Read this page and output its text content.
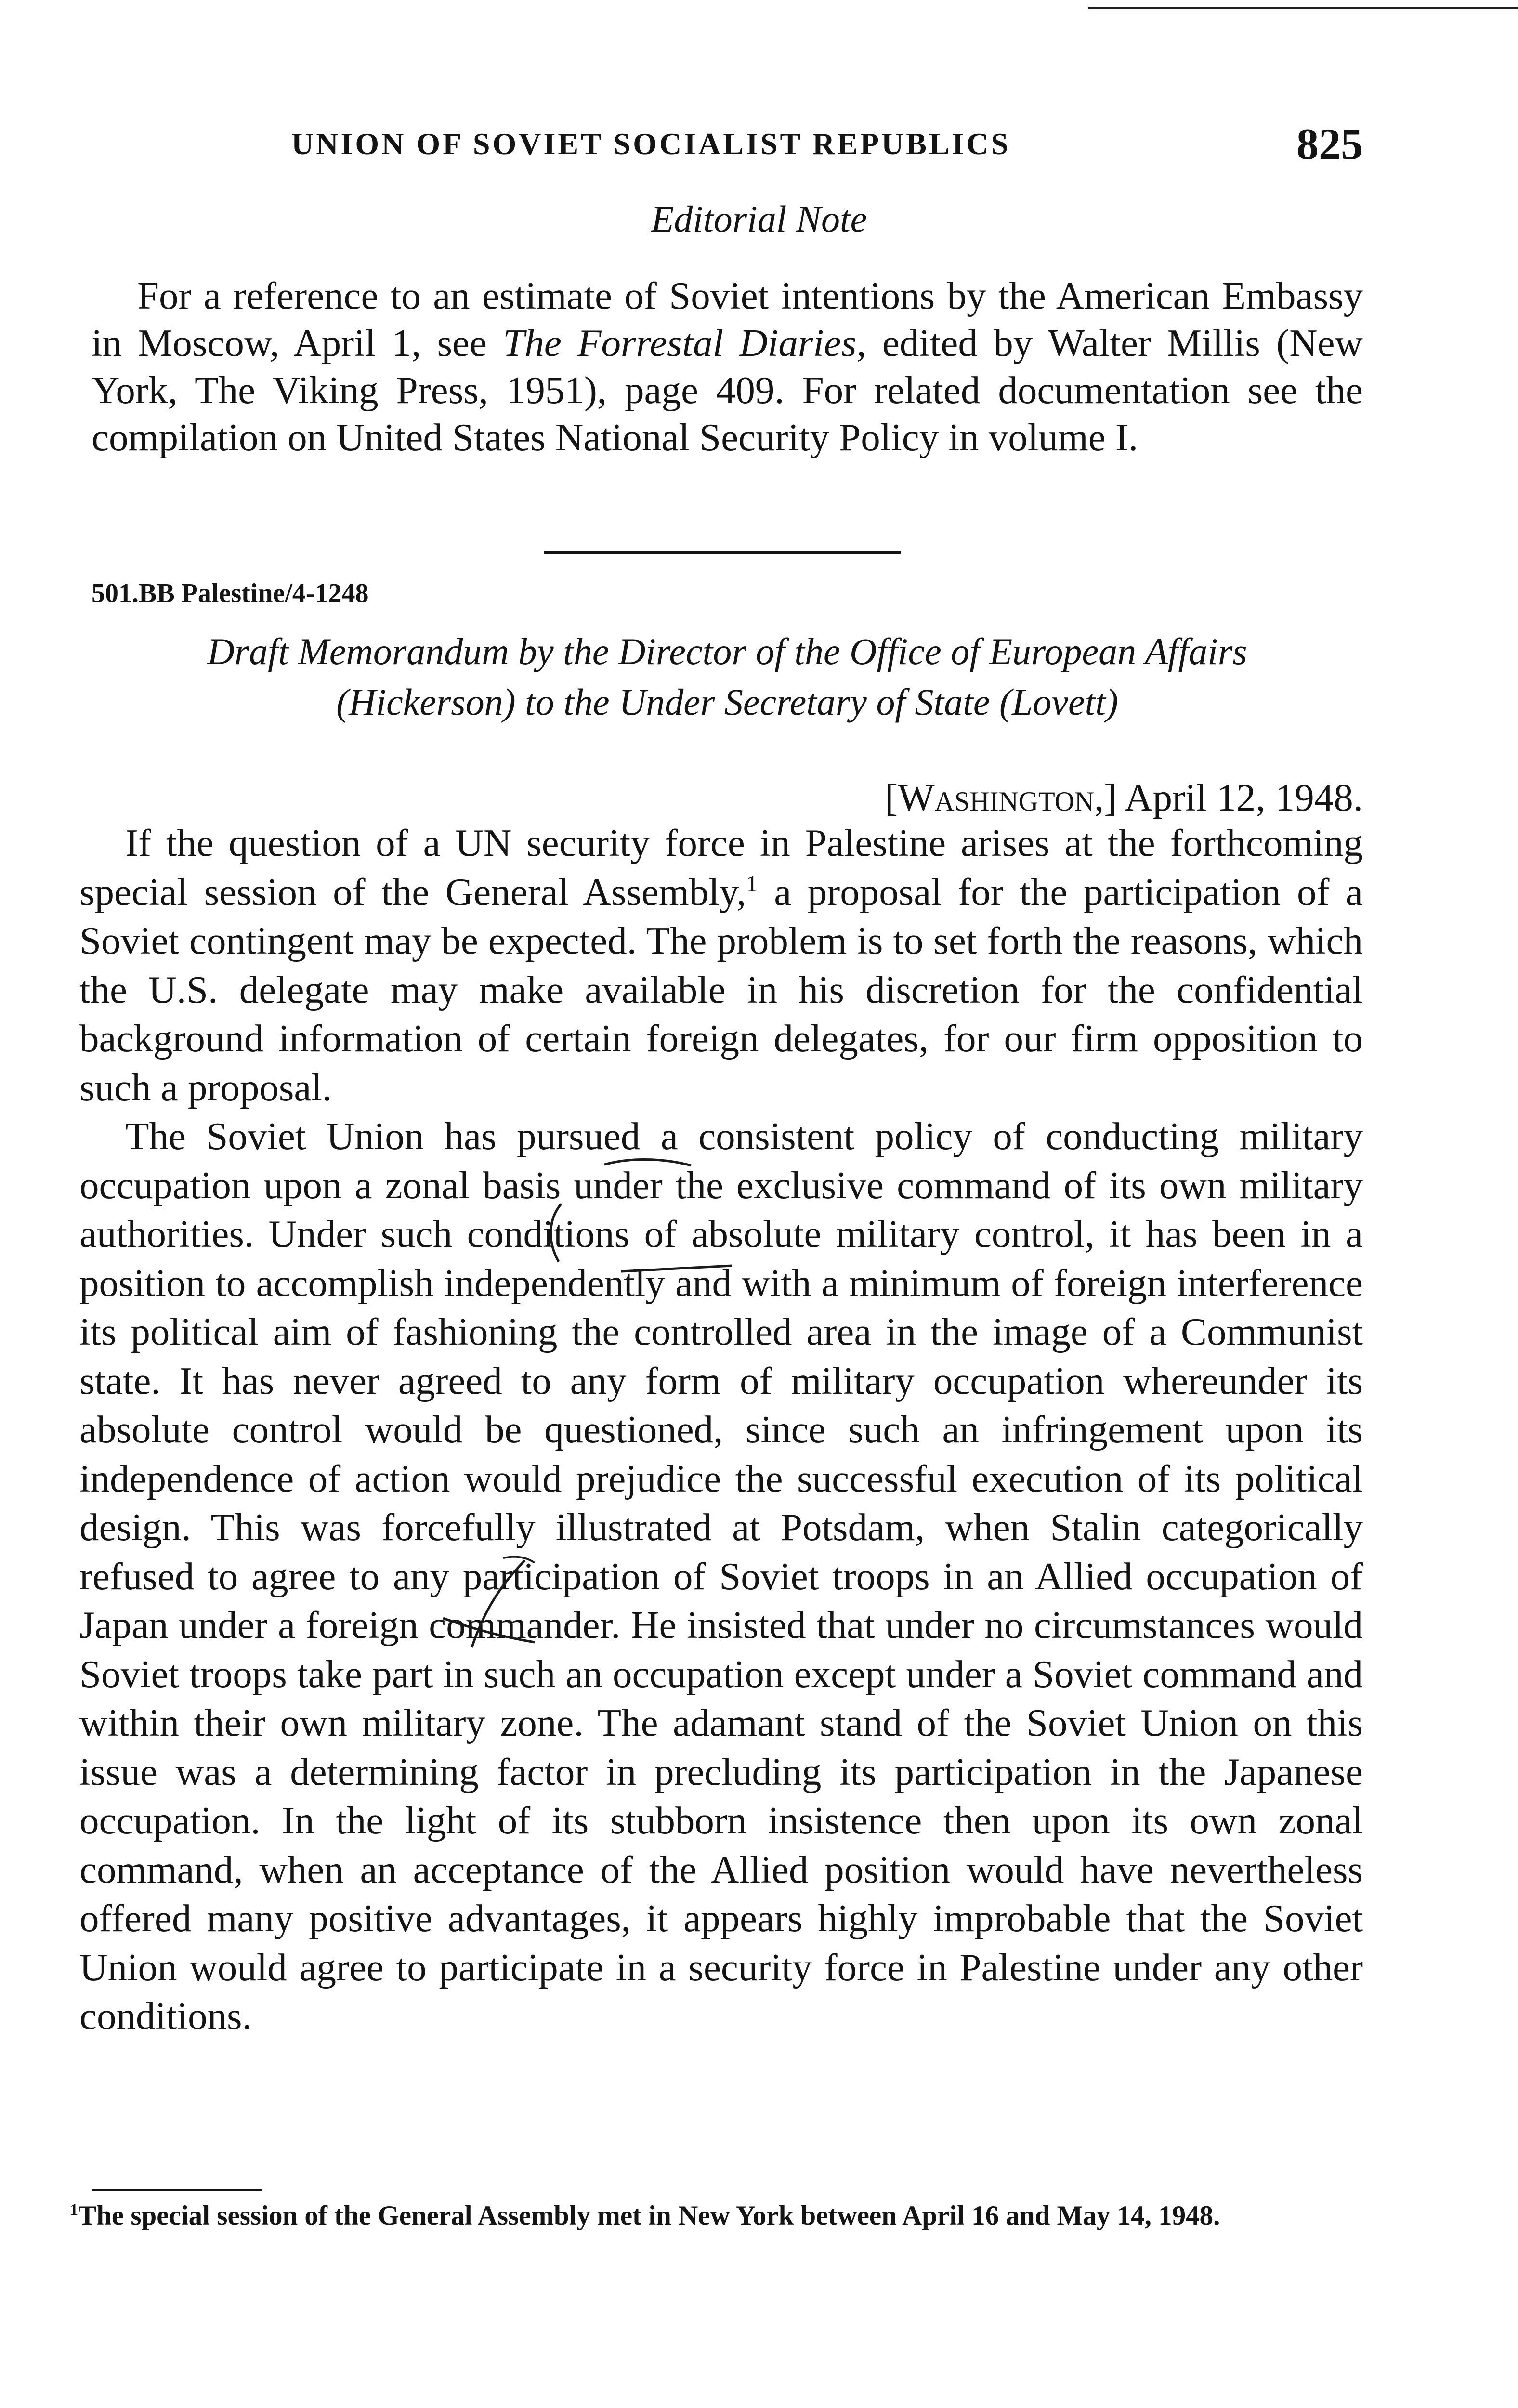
UNION OF SOVIET SOCIALIST REPUBLICS	825
Editorial Note

For a reference to an estimate of Soviet intentions by the American Embassy in Moscow, April 1, see The Forrestal Diaries, edited by Walter Millis (New York, The Viking Press, 1951), page 409. For related documentation see the compilation on United States National Security Policy in volume I.

501.BB Palestine/4-1248
Draft Memorandum by the Director of the Office of European Affairs
(Hickerson) to the Under Secretary of State (Lovett)
[Washington,] April 12, 1948.

If the question of a UN security force in Palestine arises at the forthcoming special session of the General Assembly,$^1$ a proposal for the participation of a Soviet contingent may be expected. The problem is to set forth the reasons, which the U.S. delegate may make available in his discretion for the confidential background information of certain foreign delegates, for our firm opposition to such a proposal.

The Soviet Union has pursued a consistent policy of conducting military occupation upon a zonal basis under the exclusive command of its own military authorities. Under such conditions of absolute military control, it has been in a position to accomplish independently and with a minimum of foreign interference its political aim of fashioning the controlled area in the image of a Communist state. It has never agreed to any form of military occupation whereunder its absolute control would be questioned, since such an infringement upon its independence of action would prejudice the successful execution of its political design. This was forcefully illustrated at Potsdam, when Stalin categorically refused to agree to any participation of Soviet troops in an Allied occupation of Japan under a foreign commander. He insisted that under no circumstances would Soviet troops take part in such an occupation except under a Soviet command and within their own military zone. The adamant stand of the Soviet Union on this issue was a determining factor in precluding its participation in the Japanese occupation. In the light of its stubborn insistence then upon its own zonal command, when an acceptance of the Allied position would have nevertheless offered many positive advantages, it appears highly improbable that the Soviet Union would agree to participate in a security force in Palestine under any other conditions.

$^1$The special session of the General Assembly met in New York between April 16 and May 14, 1948.
